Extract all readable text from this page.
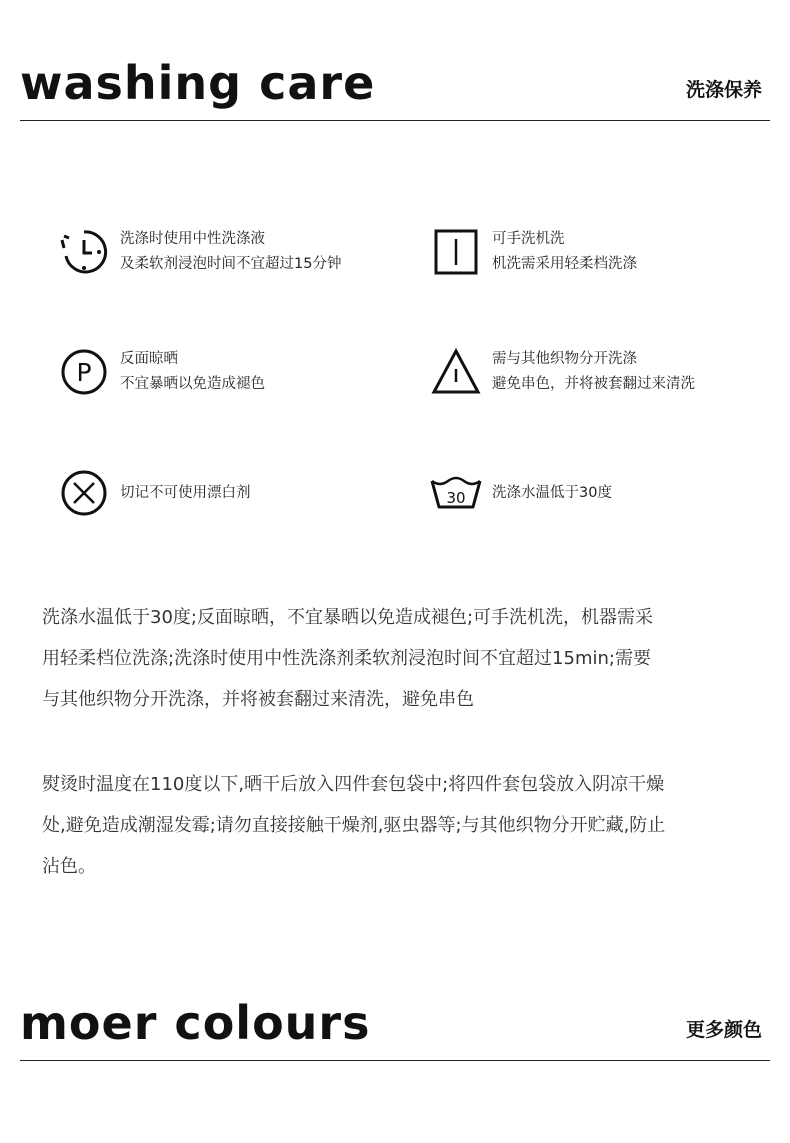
washing care	洗涤保养
洗涤时使用中性洗涤液
及柔软剂浸泡时间不宜超过15分钟
可手洗机洗
机洗需采用轻柔档洗涤
P 反面晾晒
不宜暴晒以免造成褪色
需与其他织物分开洗涤
避免串色，并将被套翻过来清洗
切记不可使用漂白剂	30 洗涤水温低于30度
洗涤水温低于30度;反面晾晒，不宜暴晒以免造成褪色;可手洗机洗，机器需采
用轻柔档位洗涤;洗涤时使用中性洗涤剂柔软剂浸泡时间不宜超过15min;需要
与其他织物分开洗涤，并将被套翻过来清洗，避免串色
熨烫时温度在110度以下,晒干后放入四件套包袋中;将四件套包袋放入阴凉干燥
处,避免造成潮湿发霉;请勿直接接触干燥剂,驱虫器等;与其他织物分开贮藏,防止
沾色。
moer colours	更多颜色
